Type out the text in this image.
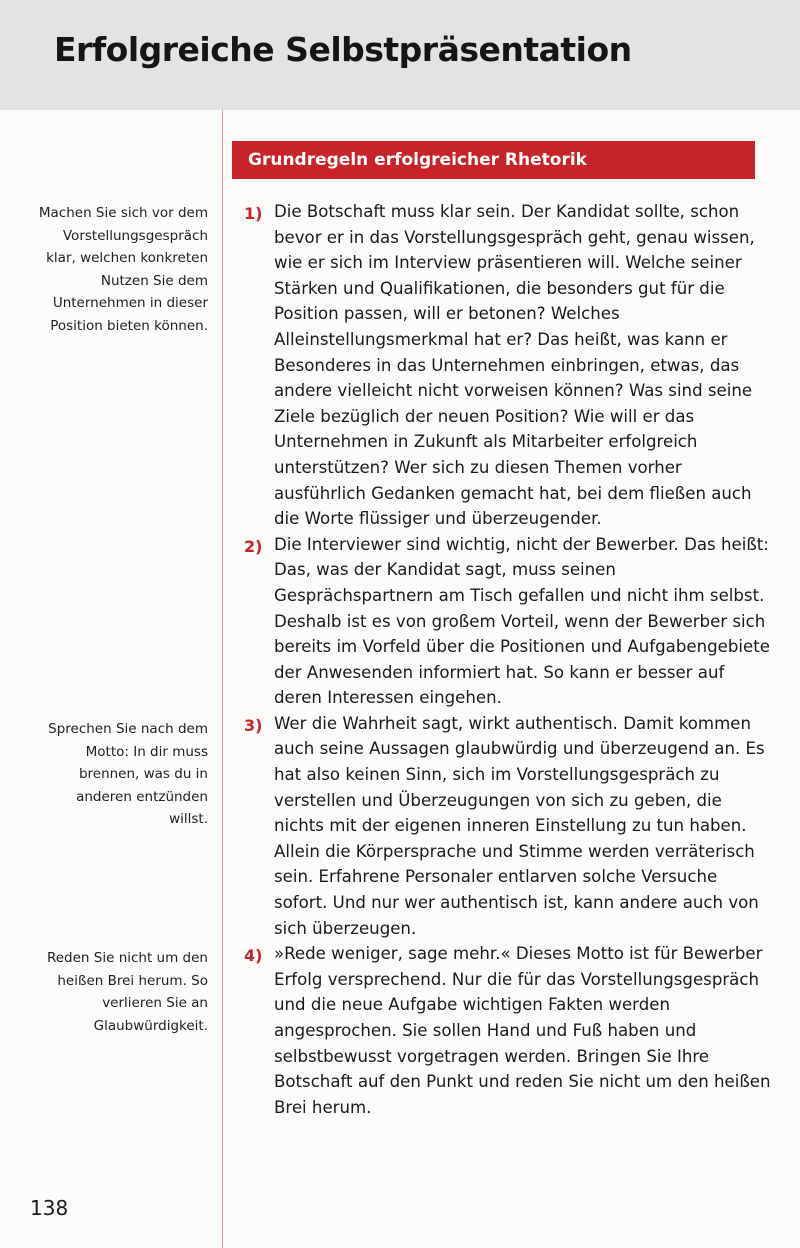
Erfolgreiche Selbstpräsentation

Machen Sie sich vor dem Vorstellungsgespräch klar, welchen konkreten Nutzen Sie dem Unternehmen in dieser Position bieten können.

Sprechen Sie nach dem Motto: In dir muss brennen, was du in anderen entzünden willst.

Reden Sie nicht um den heißen Brei herum. So verlieren Sie an Glaubwürdigkeit.

Grundregeln erfolgreicher Rhetorik
1) Die Botschaft muss klar sein. Der Kandidat sollte, schon bevor er in das Vorstellungsgespräch geht, genau wissen, wie er sich im Interview präsentieren will. Welche seiner Stärken und Qualifikationen, die besonders gut für die Position passen, will er betonen? Welches Alleinstellungsmerkmal hat er? Das heißt, was kann er Besonderes in das Unternehmen einbringen, etwas, das andere vielleicht nicht vorweisen können? Was sind seine Ziele bezüglich der neuen Position? Wie will er das Unternehmen in Zukunft als Mitarbeiter erfolgreich unterstützen? Wer sich zu diesen Themen vorher ausführlich Gedanken gemacht hat, bei dem fließen auch die Worte flüssiger und überzeugender.
2) Die Interviewer sind wichtig, nicht der Bewerber. Das heißt: Das, was der Kandidat sagt, muss seinen Gesprächspartnern am Tisch gefallen und nicht ihm selbst. Deshalb ist es von großem Vorteil, wenn der Bewerber sich bereits im Vorfeld über die Positionen und Aufgabengebiete der Anwesenden informiert hat. So kann er besser auf deren Interessen eingehen.
3) Wer die Wahrheit sagt, wirkt authentisch. Damit kommen auch seine Aussagen glaubwürdig und überzeugend an. Es hat also keinen Sinn, sich im Vorstellungsgespräch zu verstellen und Überzeugungen von sich zu geben, die nichts mit der eigenen inneren Einstellung zu tun haben. Allein die Körpersprache und Stimme werden verräterisch sein. Erfahrene Personaler entlarven solche Versuche sofort. Und nur wer authentisch ist, kann andere auch von sich überzeugen.
4) »Rede weniger, sage mehr.« Dieses Motto ist für Bewerber Erfolg versprechend. Nur die für das Vorstellungsgespräch und die neue Aufgabe wichtigen Fakten werden angesprochen. Sie sollen Hand und Fuß haben und selbstbewusst vorgetragen werden. Bringen Sie Ihre Botschaft auf den Punkt und reden Sie nicht um den heißen Brei herum.

138
